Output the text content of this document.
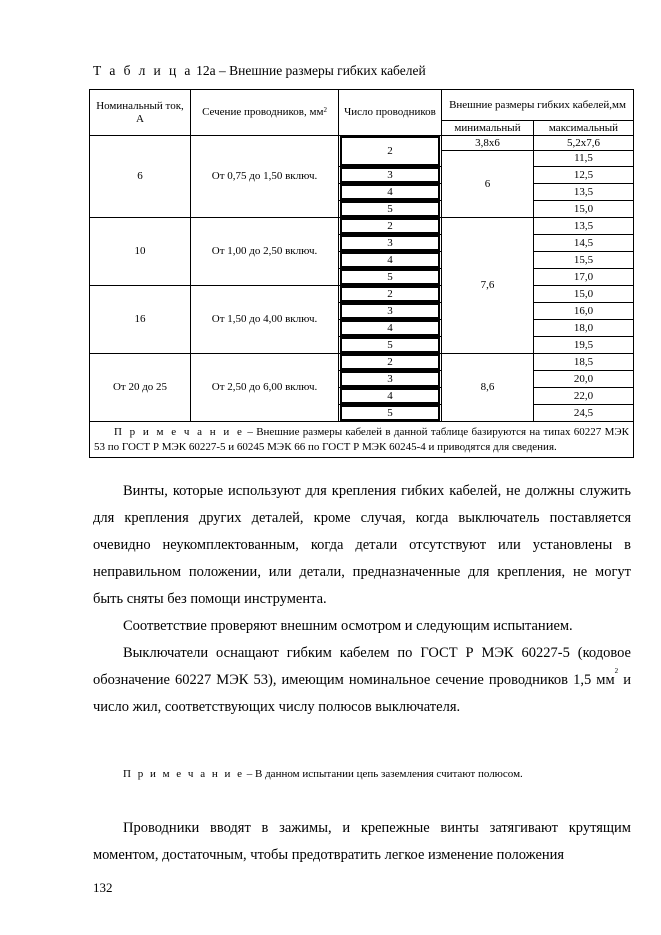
Т а б л и ц а 12а – Внешние размеры гибких кабелей
Номинальный ток, А	Сечение проводников, $мм^2$	Число проводников	Внешние размеры гибких кабелей,мм	
			минимальный	максимальный
6	От 0,75 до 1,50 включ.	2	3,8х6	5,2х7,6
			6	11,5

		3		12,5

		4		13,5

		5		15,0
10	От 1,00 до 2,50 включ.	2	7,6	13,5

		3		14,5

		4		15,5

		5		17,0
16	От 1,50 до 4,00 включ.	2		15,0

		3		16,0

		4		18,0

		5		19,5
От 20 до 25	От 2,50 до 6,00 включ.	2	8,6	18,5

		3		20,0

		4		22,0

		5		24,5
П р и м е ч а н и е – Внешние размеры кабелей в данной таблице базируются на типах 60227 МЭК 53 по ГОСТ Р МЭК 60227-5 и 60245 МЭК 66 по ГОСТ Р МЭК 60245-4 и приводятся для сведения.				

Винты, которые используют для крепления гибких кабелей, не должны служить для крепления других деталей, кроме случая, когда выключатель поставляется очевидно неукомплектованным, когда детали отсутствуют или установлены в неправильном положении, или детали, предназначенные для крепления, не могут быть сняты без помощи инструмента.

Соответствие проверяют внешним осмотром и следующим испытанием.

Выключатели оснащают гибким кабелем по ГОСТ Р МЭК 60227-5 (кодовое обозначение 60227 МЭК 53), имеющим номинальное сечение проводников 1,5 $мм^2$ и число жил, соответствующих числу полюсов выключателя.

П р и м е ч а н и е – В данном испытании цепь заземления считают полюсом.

Проводники вводят в зажимы, и крепежные винты затягивают крутящим моментом, достаточным, чтобы предотвратить легкое изменение положения

132
